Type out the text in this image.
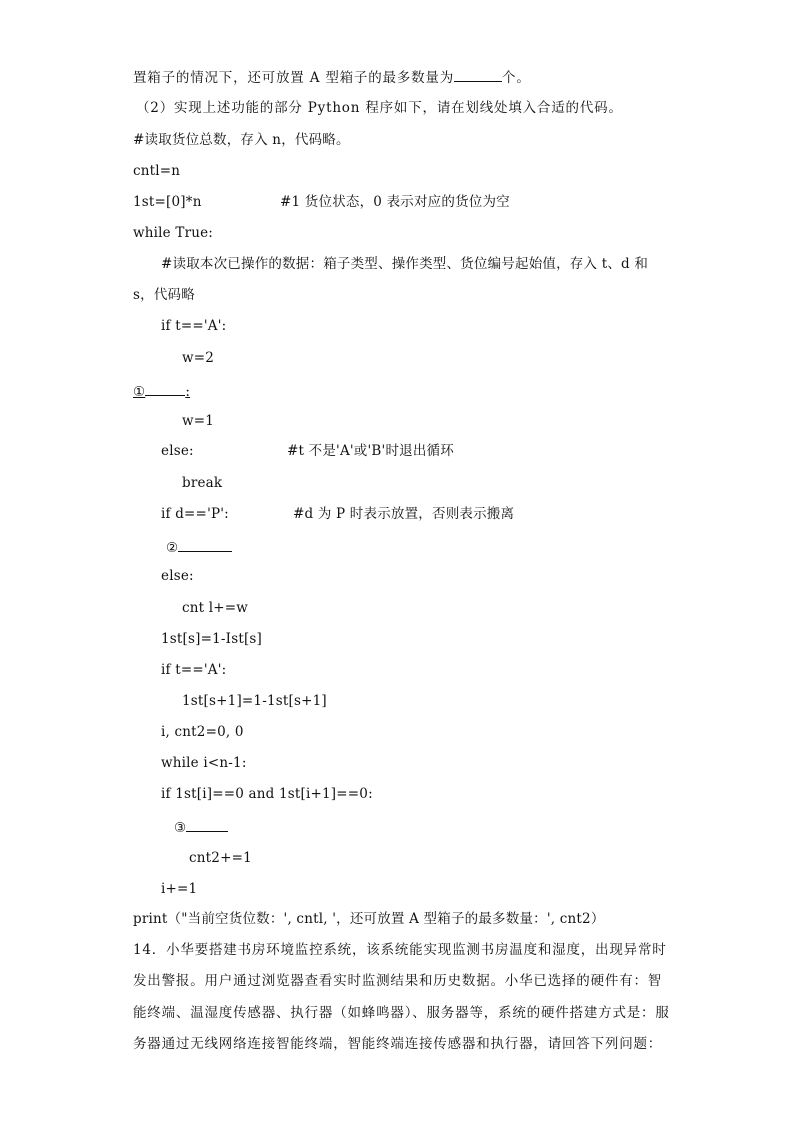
置箱子的情况下，还可放置 A 型箱子的最多数量为	个。
（2）实现上述功能的部分 Python 程序如下，请在划线处填入合适的代码。
#读取货位总数，存入 n，代码略。
cntl=n
1st=[0]*n	#1 货位状态，0 表示对应的货位为空
while True:
#读取本次已操作的数据：箱子类型、操作类型、货位编号起始值，存入 t、d 和
s，代码略
if t=='A':
w=2
①	:
w=1
else:	#t 不是'A'或'B'时退出循环
break
if d=='P':	#d 为 P 时表示放置，否则表示搬离
②
else:
cnt l+=w
1st[s]=1-Ist[s]
if t=='A':
1st[s+1]=1-1st[s+1]
i, cnt2=0, 0
while i<n-1:
if 1st[i]==0 and 1st[i+1]==0:
③
cnt2+=1
i+=1
print（"当前空货位数：', cntl, '，还可放置 A 型箱子的最多数量：', cnt2）
14．小华要搭建书房环境监控系统，该系统能实现监测书房温度和湿度，出现异常时
发出警报。用户通过浏览器查看实时监测结果和历史数据。小华已选择的硬件有：智
能终端、温湿度传感器、执行器（如蜂鸣器）、服务器等，系统的硬件搭建方式是：服
务器通过无线网络连接智能终端，智能终端连接传感器和执行器，请回答下列问题：
